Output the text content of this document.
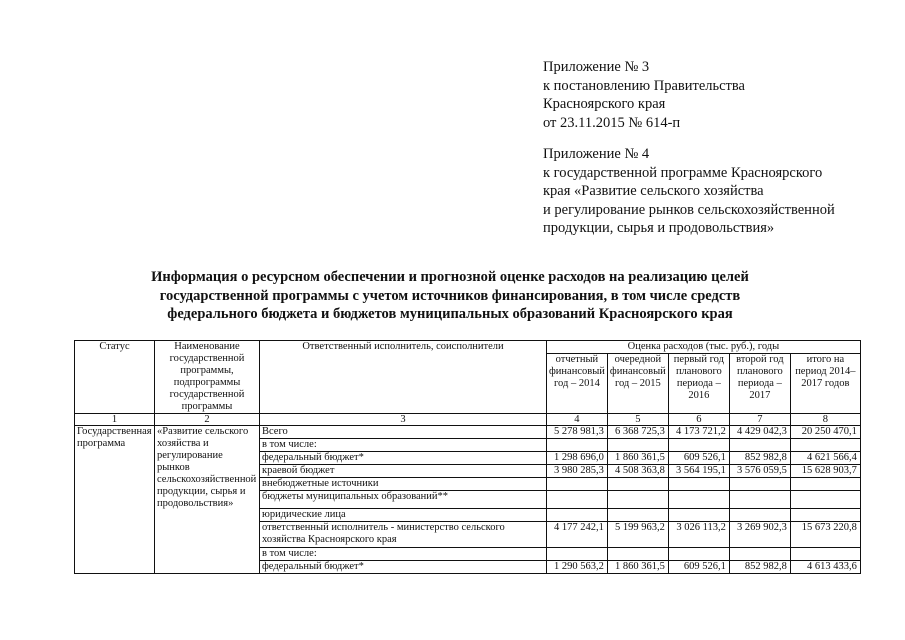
Приложение № 3
к постановлению Правительства
Красноярского края
от 23.11.2015 № 614-п
Приложение № 4
к государственной программе Красноярского
края «Развитие сельского хозяйства
и регулирование рынков сельскохозяйственной
продукции, сырья и продовольствия»
Информация о ресурсном обеспечении и прогнозной оценке расходов на реализацию целей
государственной программы с учетом источников финансирования, в том числе средств
федерального бюджета и бюджетов муниципальных образований Красноярского края
Статус	Наименование государственной программы, подпрограммы государственной программы	Ответственный исполнитель, соисполнители	Оценка расходов (тыс. руб.), годы				
			отчетный финансовый год – 2014	очередной финансовый год – 2015	первый год планового периода – 2016	второй год планового периода – 2017	итого на период 2014–2017 годов
1	2	3	4	5	6	7	8
Государственная программа	«Развитие сельского хозяйства и регулирование рынков сельскохозяйственной продукции, сырья и продовольствия»	Всего	5 278 981,3	6 368 725,3	4 173 721,2	4 429 042,3	20 250 470,1
		в том числе:					
		федеральный бюджет*	1 298 696,0	1 860 361,5	609 526,1	852 982,8	4 621 566,4
		краевой бюджет	3 980 285,3	4 508 363,8	3 564 195,1	3 576 059,5	15 628 903,7
		внебюджетные источники					
		бюджеты муниципальных образований**					
		юридические лица					
		ответственный исполнитель - министерство сельского хозяйства Красноярского края	4 177 242,1	5 199 963,2	3 026 113,2	3 269 902,3	15 673 220,8
		в том числе:					
		федеральный бюджет*	1 290 563,2	1 860 361,5	609 526,1	852 982,8	4 613 433,6
